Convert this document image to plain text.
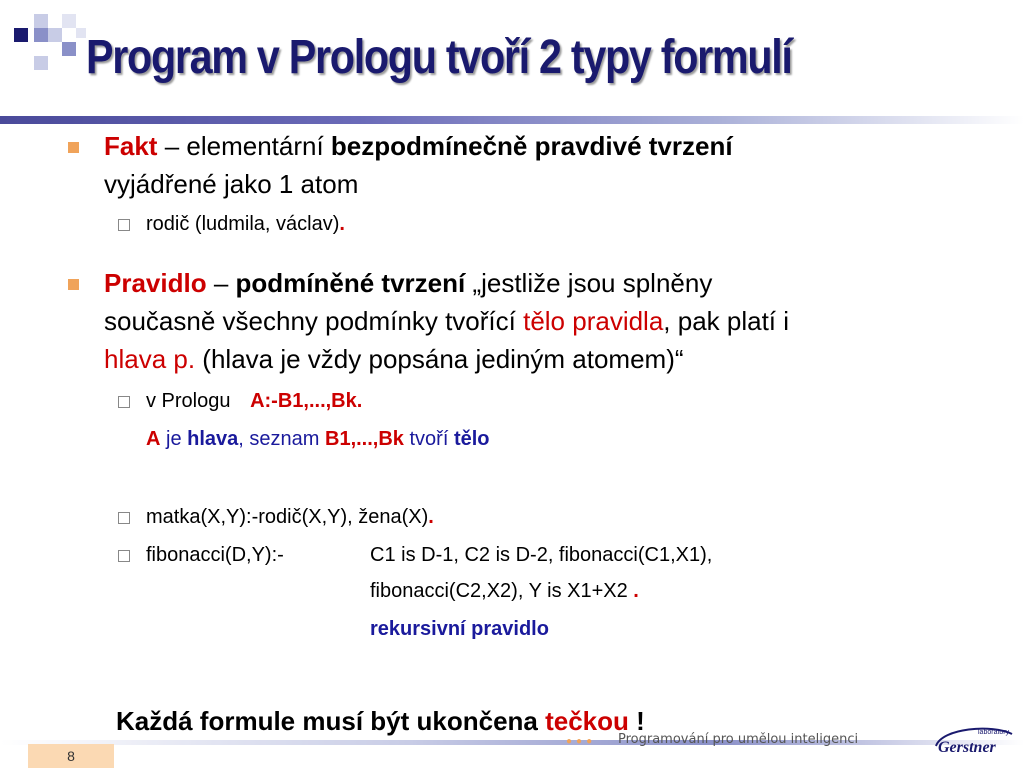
Program v Prologu tvoří 2 typy formulí
Fakt – elementární bezpodmínečně pravdivé tvrzení
vyjádřené jako 1 atom
rodič (ludmila, václav).
Pravidlo – podmíněné tvrzení „jestliže jsou splněny
současně všechny podmínky tvořící tělo pravidla, pak platí i
hlava p. (hlava je vždy popsána jediným atomem)“
v Prologu A:-B1,...,Bk.
A je hlava, seznam B1,...,Bk tvoří tělo
matka(X,Y):-rodič(X,Y), žena(X).
fibonacci(D,Y):-	C1 is D-1, C2 is D-2, fibonacci(C1,X1),
fibonacci(C2,X2), Y is X1+X2 .
rekursivní pravidlo
Každá formule musí být ukončena tečkou !
8
●●● Programování pro umělou inteligenci	laboratory
Gerstner
